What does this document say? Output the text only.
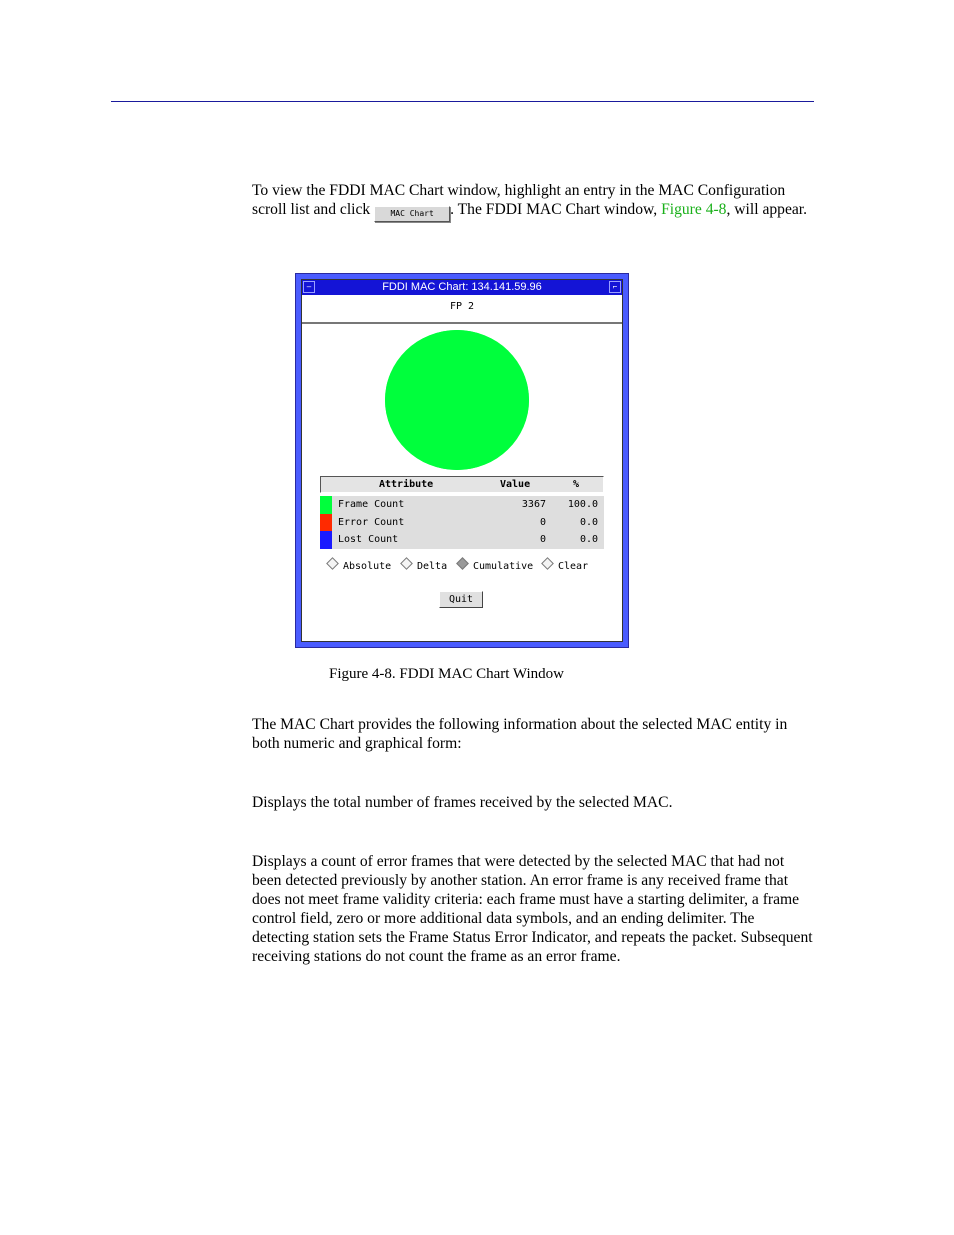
To view the FDDI MAC Chart window, highlight an entry in the MAC Configuration scroll list and click MAC Chart . The FDDI MAC Chart window, Figure 4-8, will appear.

–	FDDI MAC Chart: 134.141.59.96	⌐
FP 2
Attribute	Value	%
Frame Count	3367 100.0
Error Count	0	0.0
Lost Count	0	0.0
Absolute	Delta	Cumulative	Clear
Quit
Figure 4-8. FDDI MAC Chart Window

The MAC Chart provides the following information about the selected MAC entity in both numeric and graphical form:

Displays the total number of frames received by the selected MAC.

Displays a count of error frames that were detected by the selected MAC that had not been detected previously by another station. An error frame is any received frame that does not meet frame validity criteria: each frame must have a starting delimiter, a frame control field, zero or more additional data symbols, and an ending delimiter. The detecting station sets the Frame Status Error Indicator, and repeats the packet. Subsequent receiving stations do not count the frame as an error frame.
